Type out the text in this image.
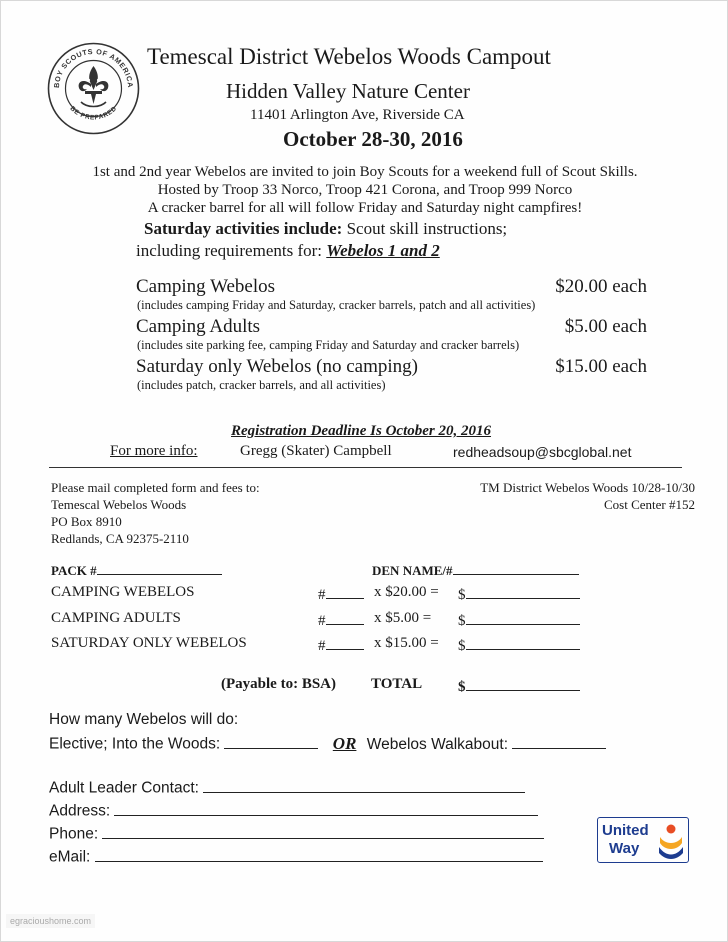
BOY SCOUTS OF AMERICA
BE PREPARED
Temescal District Webelos Woods Campout
Hidden Valley Nature Center
11401 Arlington Ave, Riverside CA
October 28-30, 2016
1st and 2nd year Webelos are invited to join Boy Scouts for a weekend full of Scout Skills.
Hosted by Troop 33 Norco, Troop 421 Corona, and Troop 999 Norco
A cracker barrel for all will follow Friday and Saturday night campfires!
Saturday activities include: Scout skill instructions;
including requirements for: Webelos 1 and 2
Camping Webelos	$20.00 each
(includes camping Friday and Saturday, cracker barrels, patch and all activities)
Camping Adults	$5.00 each
(includes site parking fee, camping Friday and Saturday and cracker barrels)
Saturday only Webelos (no camping)	$15.00 each
(includes patch, cracker barrels, and all activities)
Registration Deadline Is October 20, 2016
For more info:	Gregg (Skater) Campbell	redheadsoup@sbcglobal.net
Please mail completed form and fees to:
Temescal Webelos Woods
PO Box 8910
Redlands, CA 92375-2110
TM District Webelos Woods 10/28-10/30
Cost Center #152
PACK #	DEN NAME/#
CAMPING WEBELOS	#	x $20.00 = $
CAMPING ADULTS	#	x $5.00 = $
SATURDAY ONLY WEBELOS	#	x $15.00 = $
(Payable to: BSA) TOTAL $
How many Webelos will do:
Elective; Into the Woods:	OR Webelos Walkabout:
Adult Leader Contact:
Address:
Phone:
eMail:
United
Way
egracioushome.com
